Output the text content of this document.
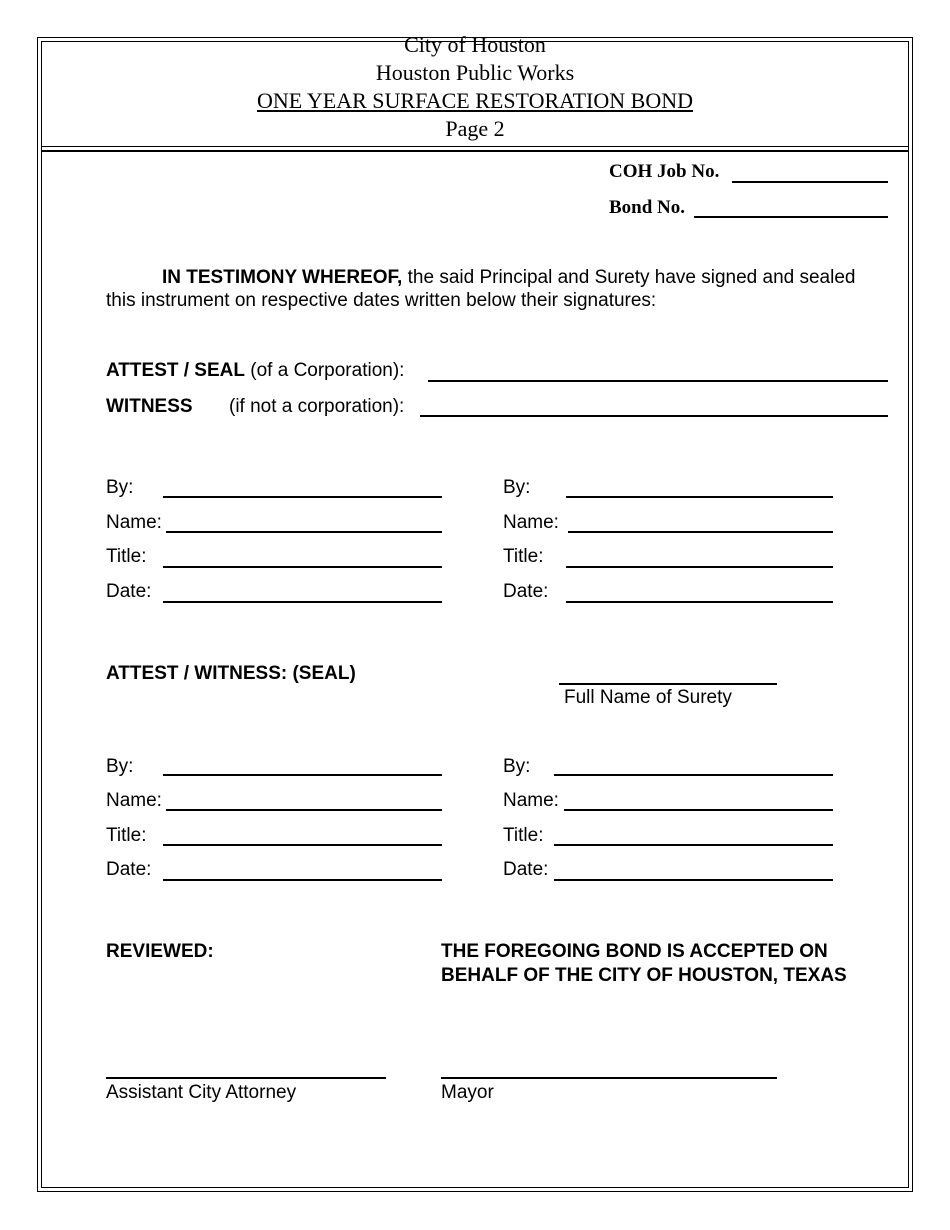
City of Houston
Houston Public Works
ONE YEAR SURFACE RESTORATION BOND
Page 2
COH Job No.
Bond No.
IN TESTIMONY WHEREOF, the said Principal and Surety have signed and sealed this instrument on respective dates written below their signatures:
ATTEST / SEAL (of a Corporation):
WITNESS (if not a corporation):
By:
Name:
Title:
Date:
By:
Name:
Title:
Date:
ATTEST / WITNESS: (SEAL)
Full Name of Surety
By:
Name:
Title:
Date:
By:
Name:
Title:
Date:
REVIEWED:	THE FOREGOING BOND IS ACCEPTED ON
BEHALF OF THE CITY OF HOUSTON, TEXAS
Assistant City Attorney	Mayor
